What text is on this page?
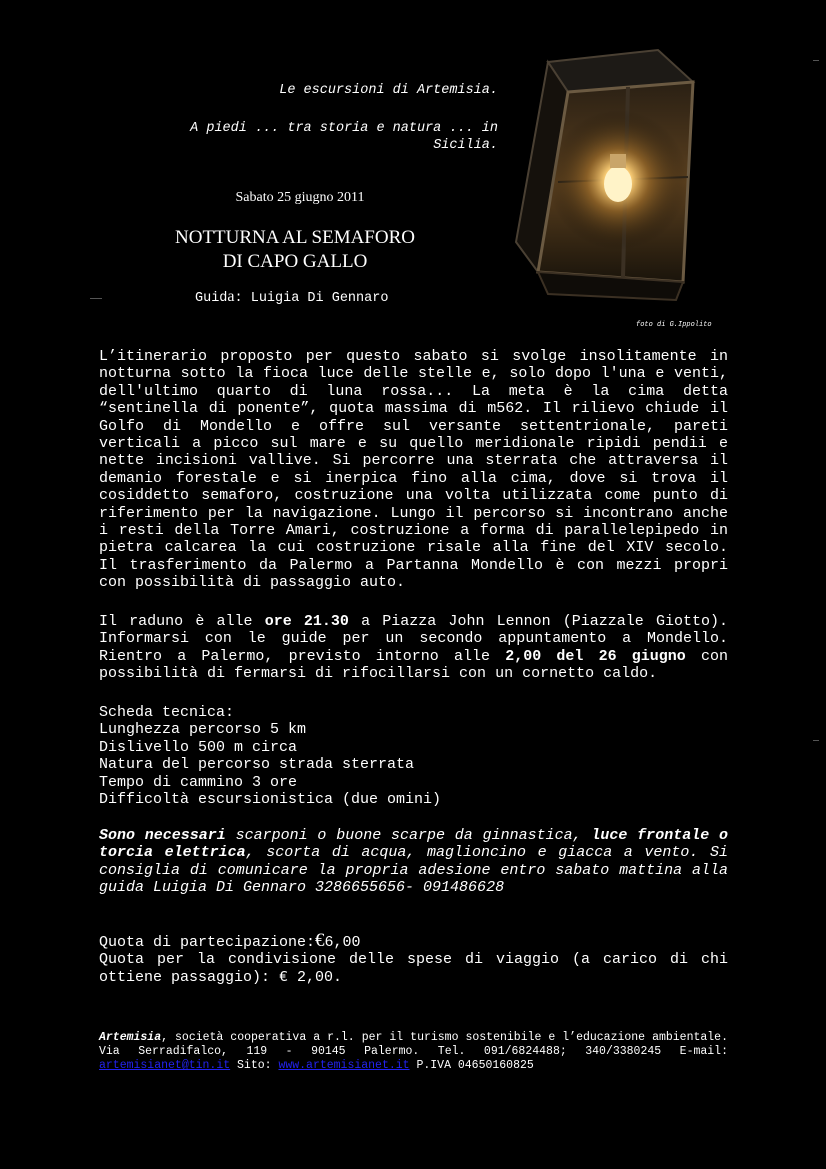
Le escursioni di Artemisia.
A piedi ... tra storia e natura ... in
Sicilia.
Sabato 25 giugno 2011
NOTTURNA AL SEMAFORO
DI CAPO GALLO
Guida: Luigia Di Gennaro
foto di G.Ippolito
L’itinerario proposto per questo sabato si svolge insolitamente in notturna sotto la fioca luce delle stelle e, solo dopo l'una e venti, dell'ultimo quarto di luna rossa... La meta è la cima detta “sentinella di ponente”, quota massima di m562. Il rilievo chiude il Golfo di Mondello e offre sul versante settentrionale, pareti verticali a picco sul mare e su quello meridionale ripidi pendii e nette incisioni vallive. Si percorre una sterrata che attraversa il demanio forestale e si inerpica fino alla cima, dove si trova il cosiddetto semaforo, costruzione una volta utilizzata come punto di riferimento per la navigazione. Lungo il percorso si incontrano anche i resti della Torre Amari, costruzione a forma di parallelepipedo in pietra calcarea la cui costruzione risale alla fine del XIV secolo. Il trasferimento da Palermo a Partanna Mondello è con mezzi propri con possibilità di passaggio auto.
Il raduno è alle ore 21.30 a Piazza John Lennon (Piazzale Giotto). Informarsi con le guide per un secondo appuntamento a Mondello. Rientro a Palermo, previsto intorno alle 2,00 del 26 giugno con possibilità di fermarsi di rifocillarsi con un cornetto caldo.
Scheda tecnica:
Lunghezza percorso 5 km
Dislivello 500 m circa
Natura del percorso strada sterrata
Tempo di cammino 3 ore
Difficoltà escursionistica (due omini)
Sono necessari scarponi o buone scarpe da ginnastica, luce frontale o torcia elettrica, scorta di acqua, maglioncino e giacca a vento. Si consiglia di comunicare la propria adesione entro sabato mattina alla guida Luigia Di Gennaro 3286655656- 091486628
Quota di partecipazione:€6,00
Quota per la condivisione delle spese di viaggio (a carico di chi ottiene passaggio): € 2,00.
Artemisia, società cooperativa a r.l. per il turismo sostenibile e l’educazione ambientale. Via Serradifalco, 119 - 90145 Palermo. Tel. 091/6824488; 340/3380245 E-mail: artemisianet@tin.it Sito: www.artemisianet.it P.IVA 04650160825
